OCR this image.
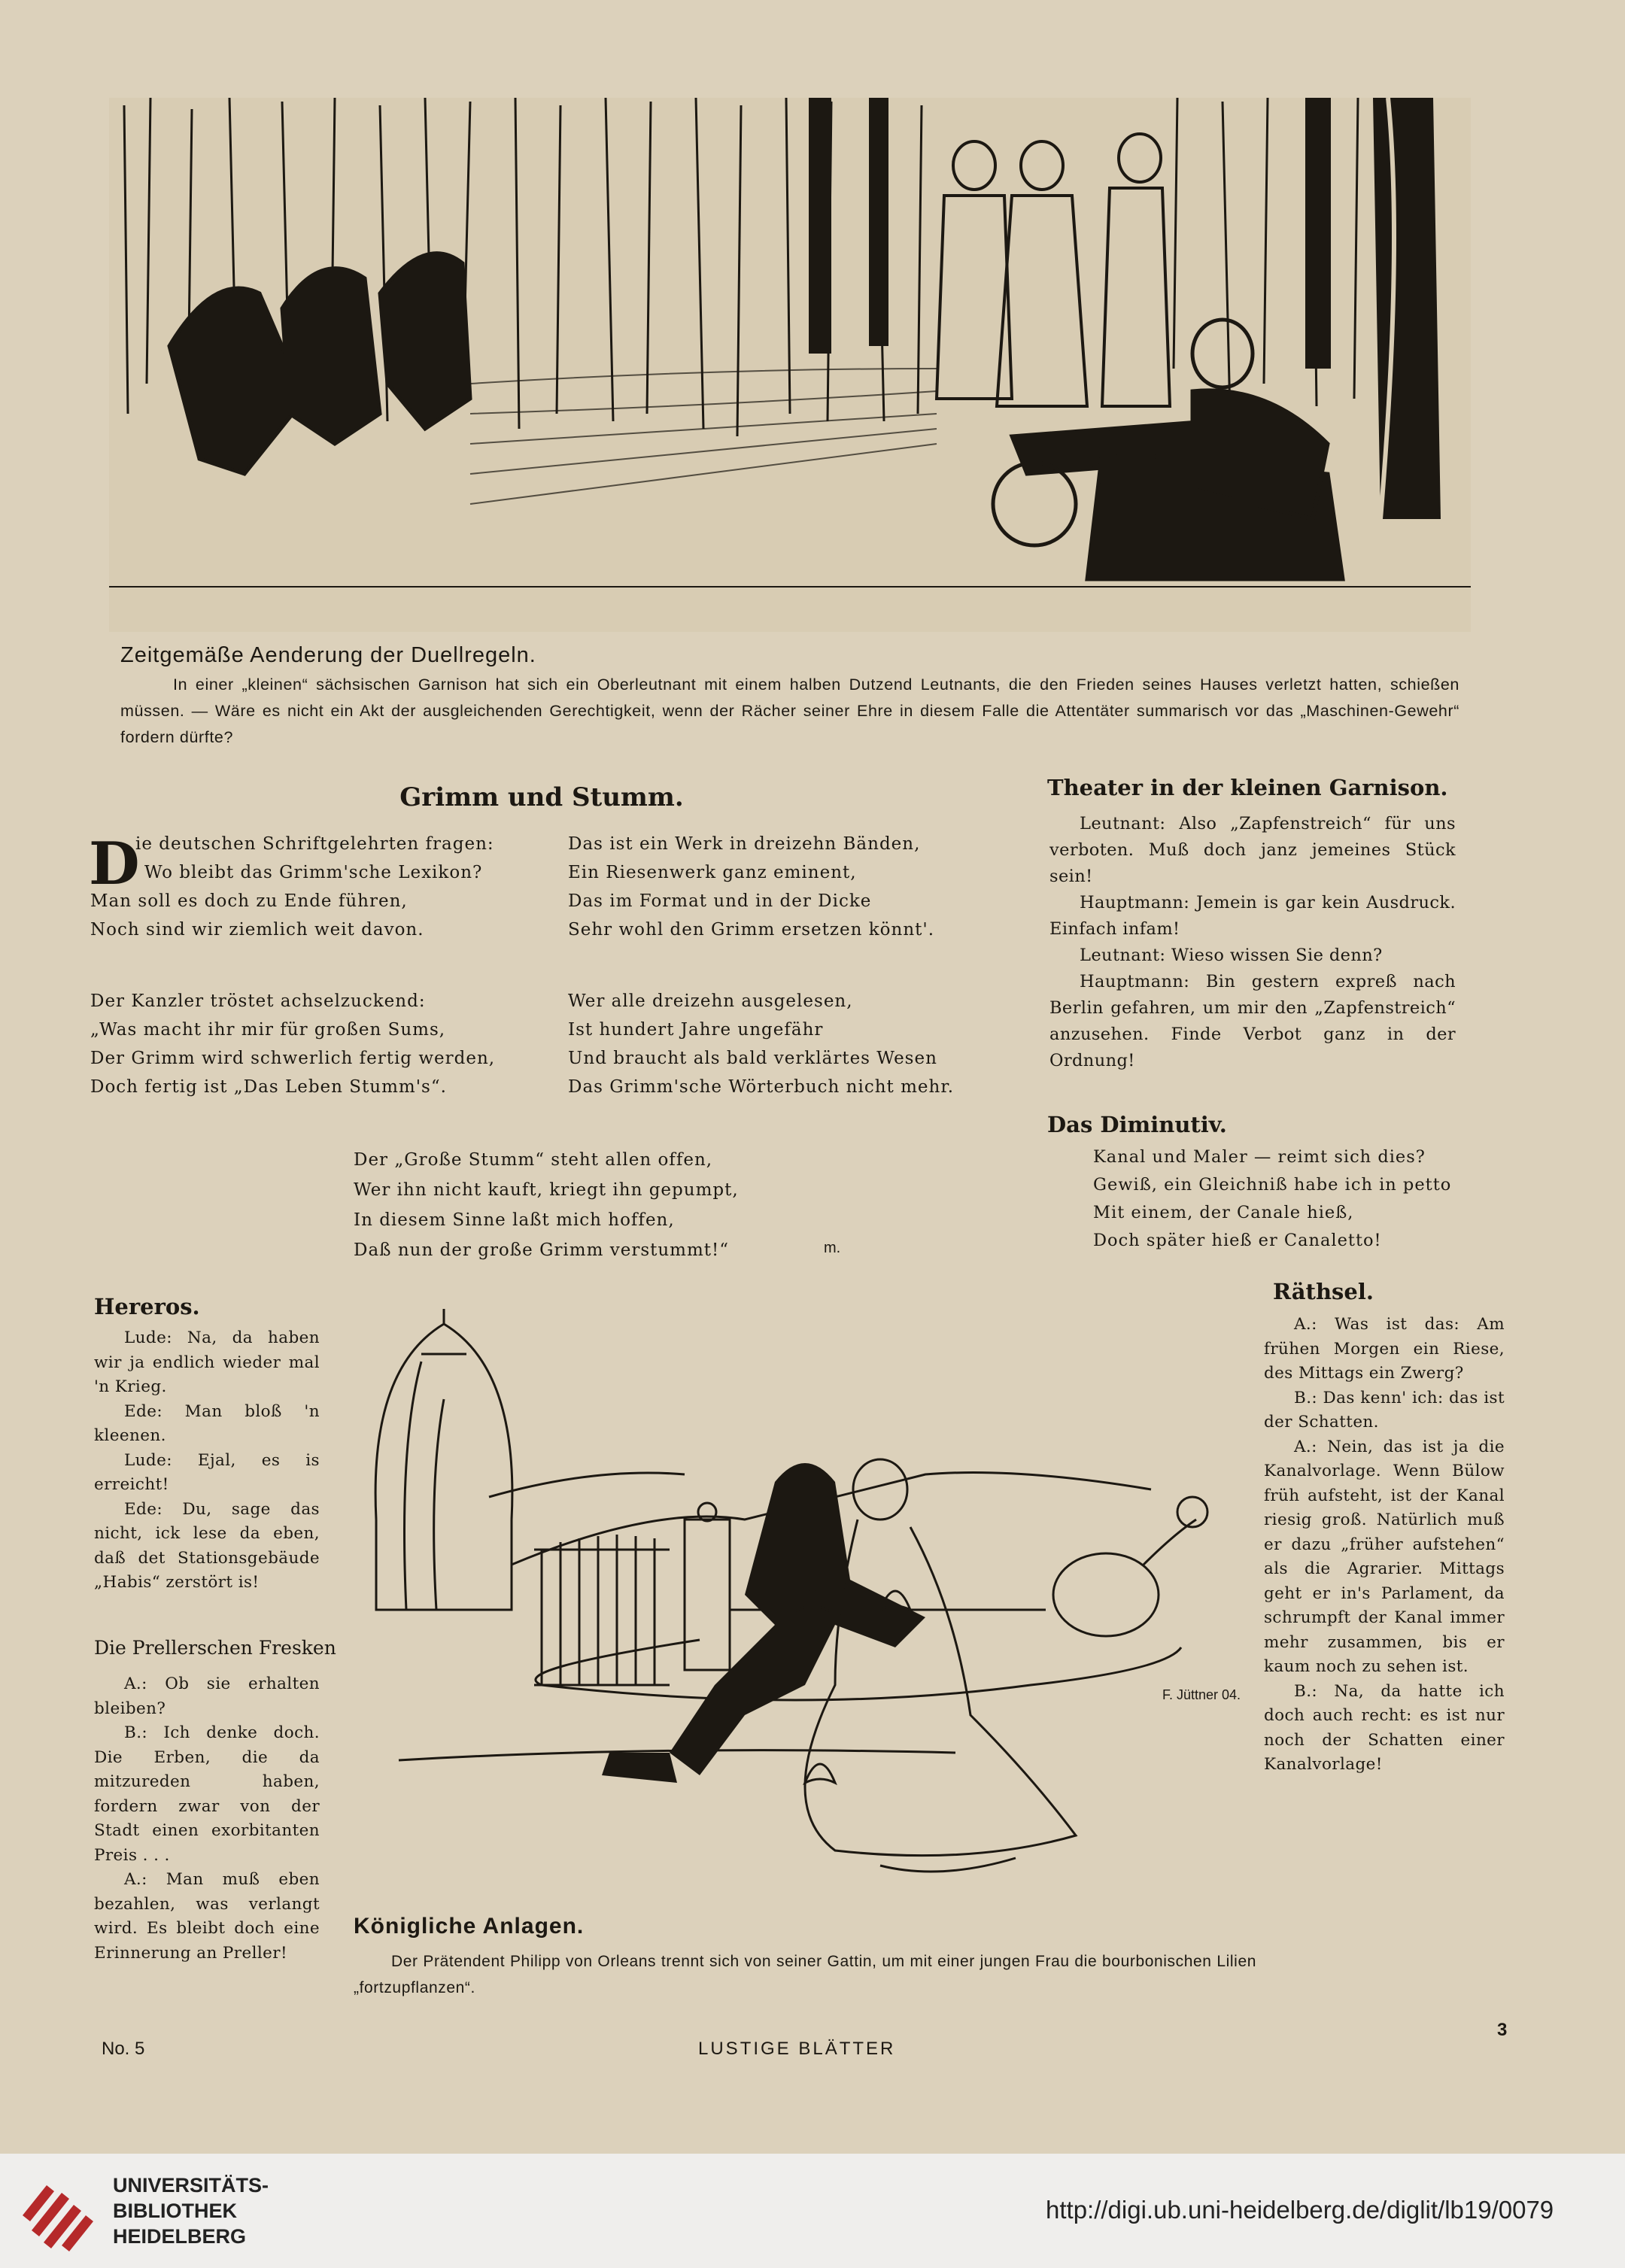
Zeitgemäße Aenderung der Duellregeln.

In einer „kleinen“ sächsischen Garnison hat sich ein Oberleutnant mit einem halben Dutzend Leutnants, die den Frieden seines Hauses verletzt hatten, schießen müssen. — Wäre es nicht ein Akt der ausgleichenden Gerechtigkeit, wenn der Rächer seiner Ehre in diesem Falle die Attentäter summarisch vor das „Maschinen-Gewehr“ fordern dürfte?

Grimm und Stumm.
D
ie deutschen Schriftgelehrten fragen:
Wo bleibt das Grimm'sche Lexikon?
Man soll es doch zu Ende führen,
Noch sind wir ziemlich weit davon.
Das ist ein Werk in dreizehn Bänden,
Ein Riesenwerk ganz eminent,
Das im Format und in der Dicke
Sehr wohl den Grimm ersetzen könnt'.
Der Kanzler tröstet achselzuckend:
„Was macht ihr mir für großen Sums,
Der Grimm wird schwerlich fertig werden,
Doch fertig ist „Das Leben Stumm's“.
Wer alle dreizehn ausgelesen,
Ist hundert Jahre ungefähr
Und braucht als bald verklärtes Wesen
Das Grimm'sche Wörterbuch nicht mehr.
Der „Große Stumm“ steht allen offen,
Wer ihn nicht kauft, kriegt ihn gepumpt,
In diesem Sinne laßt mich hoffen,
Daß nun der große Grimm verstummt!“	m.
Theater in der kleinen Garnison.

Leutnant: Also „Zapfenstreich“ für uns verboten. Muß doch janz jemeines Stück sein!

Hauptmann: Jemein is gar kein Ausdruck. Einfach infam!

Leutnant: Wieso wissen Sie denn?

Hauptmann: Bin gestern expreß nach Berlin gefahren, um mir den „Zapfenstreich“ anzusehen. Finde Verbot ganz in der Ordnung!

Das Diminutiv.
Kanal und Maler — reimt sich dies?
Gewiß, ein Gleichniß habe ich in petto
Mit einem, der Canale hieß,
Doch später hieß er Canaletto!
Hereros.

Lude: Na, da haben wir ja endlich wieder mal 'n Krieg.

Ede: Man bloß 'n kleenen.

Lude: Ejal, es is erreicht!

Ede: Du, sage das nicht, ick lese da eben, daß det Stationsgebäude „Habis“ zerstört is!

Die Prellerschen Fresken

A.: Ob sie erhalten bleiben?

B.: Ich denke doch. Die Erben, die da mitzureden haben, fordern zwar von der Stadt einen exorbitanten Preis . . .

A.: Man muß eben bezahlen, was verlangt wird. Es bleibt doch eine Erinnerung an Preller!

Räthsel.

A.: Was ist das: Am frühen Morgen ein Riese, des Mittags ein Zwerg?

B.: Das kenn' ich: das ist der Schatten.

A.: Nein, das ist ja die Kanalvorlage. Wenn Bülow früh aufsteht, ist der Kanal riesig groß. Natürlich muß er dazu „früher aufstehen“ als die Agrarier. Mittags geht er in's Parlament, da schrumpft der Kanal immer mehr zusammen, bis er kaum noch zu sehen ist.

B.: Na, da hatte ich doch auch recht: es ist nur noch der Schatten einer Kanalvorlage!

F. Jüttner 04.
Königliche Anlagen.

Der Prätendent Philipp von Orleans trennt sich von seiner Gattin, um mit einer jungen Frau die bourbonischen Lilien „fortzupflanzen“.

No. 5	LUSTIGE BLÄTTER
3
UNIVERSITÄTS-
BIBLIOTHEK
HEIDELBERG
http://digi.ub.uni-heidelberg.de/diglit/lb19/0079
